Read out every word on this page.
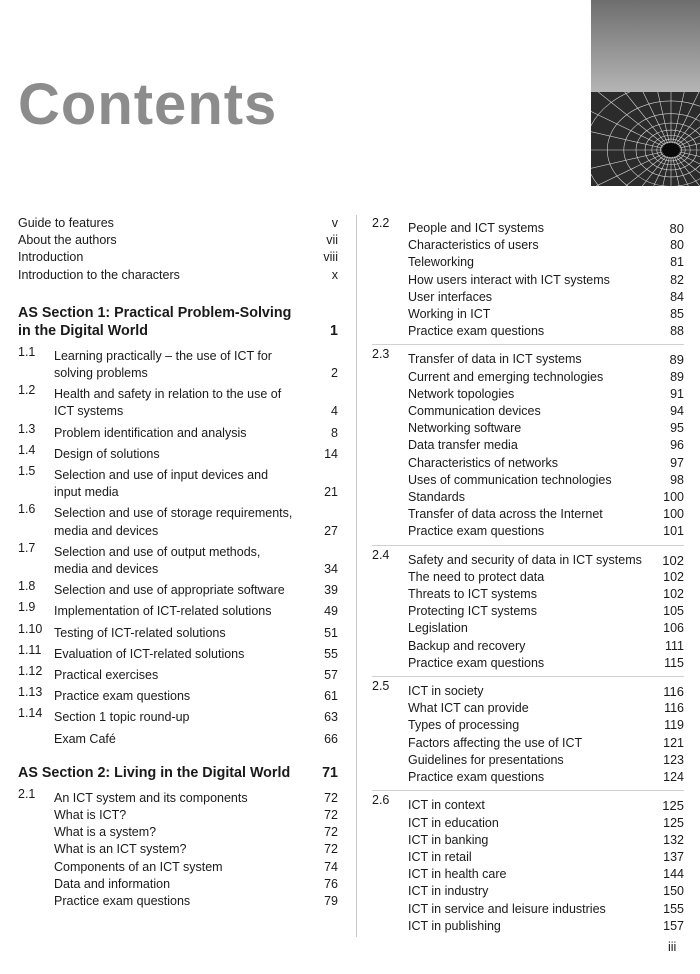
Contents
Guide to features	v
About the authors	vii
Introduction	viii
Introduction to the characters	x
AS Section 1: Practical Problem-Solving in the Digital World	1
1.1 Learning practically – the use of ICT for solving problems	2
1.2 Health and safety in relation to the use of ICT systems	4
1.3 Problem identification and analysis	8
1.4 Design of solutions	14
1.5 Selection and use of input devices and input media	21
1.6 Selection and use of storage requirements, media and devices	27
1.7 Selection and use of output methods, media and devices	34
1.8 Selection and use of appropriate software	39
1.9 Implementation of ICT-related solutions	49
1.10 Testing of ICT-related solutions	51
1.11 Evaluation of ICT-related solutions	55
1.12 Practical exercises	57
1.13 Practice exam questions	61
1.14 Section 1 topic round-up	63
Exam Café	66
AS Section 2: Living in the Digital World	71
2.1 An ICT system and its components	72
What is ICT?	72
What is a system?	72
What is an ICT system?	72
Components of an ICT system	74
Data and information	76
Practice exam questions	79
2.2 People and ICT systems	80
Characteristics of users	80
Teleworking	81
How users interact with ICT systems	82
User interfaces	84
Working in ICT	85
Practice exam questions	88
2.3 Transfer of data in ICT systems	89
Current and emerging technologies	89
Network topologies	91
Communication devices	94
Networking software	95
Data transfer media	96
Characteristics of networks	97
Uses of communication technologies	98
Standards	100
Transfer of data across the Internet	100
Practice exam questions	101
2.4 Safety and security of data in ICT systems	102
The need to protect data	102
Threats to ICT systems	102
Protecting ICT systems	105
Legislation	106
Backup and recovery	111
Practice exam questions	115
2.5 ICT in society	116
What ICT can provide	116
Types of processing	119
Factors affecting the use of ICT	121
Guidelines for presentations	123
Practice exam questions	124
2.6 ICT in context	125
ICT in education	125
ICT in banking	132
ICT in retail	137
ICT in health care	144
ICT in industry	150
ICT in service and leisure industries	155
ICT in publishing	157
iii
